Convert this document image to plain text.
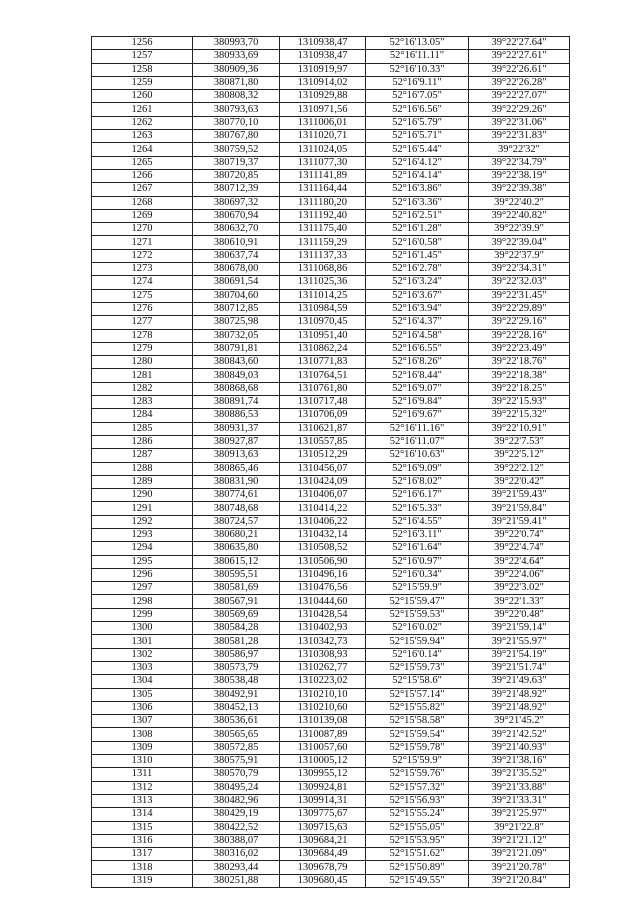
1256	380993,70	1310938,47	52°16'13.05"	39°22'27.64"
1257	380933,69	1310938,47	52°16'11.11"	39°22'27.61"
1258	380909,36	1310919,97	52°16'10.33"	39°22'26.61"
1259	380871,80	1310914,02	52°16'9.11"	39°22'26.28"
1260	380808,32	1310929,88	52°16'7.05"	39°22'27.07"
1261	380793,63	1310971,56	52°16'6.56"	39°22'29.26"
1262	380770,10	1311006,01	52°16'5.79"	39°22'31.06"
1263	380767,80	1311020,71	52°16'5.71"	39°22'31.83"
1264	380759,52	1311024,05	52°16'5.44"	39°22'32"
1265	380719,37	1311077,30	52°16'4.12"	39°22'34.79"
1266	380720,85	1311141,89	52°16'4.14"	39°22'38.19"
1267	380712,39	1311164,44	52°16'3.86"	39°22'39.38"
1268	380697,32	1311180,20	52°16'3.36"	39°22'40.2"
1269	380670,94	1311192,40	52°16'2.51"	39°22'40.82"
1270	380632,70	1311175,40	52°16'1.28"	39°22'39.9"
1271	380610,91	1311159,29	52°16'0.58"	39°22'39.04"
1272	380637,74	1311137,33	52°16'1.45"	39°22'37.9"
1273	380678,00	1311068,86	52°16'2.78"	39°22'34.31"
1274	380691,54	1311025,36	52°16'3.24"	39°22'32.03"
1275	380704,60	1311014,25	52°16'3.67"	39°22'31.45"
1276	380712,85	1310984,59	52°16'3.94"	39°22'29.89"
1277	380725,98	1310970,45	52°16'4.37"	39°22'29.16"
1278	380732,05	1310951,40	52°16'4.58"	39°22'28.16"
1279	380791,81	1310862,24	52°16'6.55"	39°22'23.49"
1280	380843,60	1310771,83	52°16'8.26"	39°22'18.76"
1281	380849,03	1310764,51	52°16'8.44"	39°22'18.38"
1282	380868,68	1310761,80	52°16'9.07"	39°22'18.25"
1283	380891,74	1310717,48	52°16'9.84"	39°22'15.93"
1284	380886,53	1310706,09	52°16'9.67"	39°22'15.32"
1285	380931,37	1310621,87	52°16'11.16"	39°22'10.91"
1286	380927,87	1310557,85	52°16'11.07"	39°22'7.53"
1287	380913,63	1310512,29	52°16'10.63"	39°22'5.12"
1288	380865,46	1310456,07	52°16'9.09"	39°22'2.12"
1289	380831,90	1310424,09	52°16'8.02"	39°22'0.42"
1290	380774,61	1310406,07	52°16'6.17"	39°21'59.43"
1291	380748,68	1310414,22	52°16'5.33"	39°21'59.84"
1292	380724,57	1310406,22	52°16'4.55"	39°21'59.41"
1293	380680,21	1310432,14	52°16'3.11"	39°22'0.74"
1294	380635,80	1310508,52	52°16'1.64"	39°22'4.74"
1295	380615,12	1310506,90	52°16'0.97"	39°22'4.64"
1296	380595,51	1310496,16	52°16'0.34"	39°22'4.06"
1297	380581,69	1310476,56	52°15'59.9"	39°22'3.02"
1298	380567,91	1310444,60	52°15'59.47"	39°22'1.33"
1299	380569,69	1310428,54	52°15'59.53"	39°22'0.48"
1300	380584,28	1310402,93	52°16'0.02"	39°21'59.14"
1301	380581,28	1310342,73	52°15'59.94"	39°21'55.97"
1302	380586,97	1310308,93	52°16'0.14"	39°21'54.19"
1303	380573,79	1310262,77	52°15'59.73"	39°21'51.74"
1304	380538,48	1310223,02	52°15'58.6"	39°21'49.63"
1305	380492,91	1310210,10	52°15'57.14"	39°21'48.92"
1306	380452,13	1310210,60	52°15'55.82"	39°21'48.92"
1307	380536,61	1310139,08	52°15'58.58"	39°21'45.2"
1308	380565,65	1310087,89	52°15'59.54"	39°21'42.52"
1309	380572,85	1310057,60	52°15'59.78"	39°21'40.93"
1310	380575,91	1310005,12	52°15'59.9"	39°21'38.16"
1311	380570,79	1309955,12	52°15'59.76"	39°21'35.52"
1312	380495,24	1309924,81	52°15'57.32"	39°21'33.88"
1313	380482,96	1309914,31	52°15'56.93"	39°21'33.31"
1314	380429,19	1309775,67	52°15'55.24"	39°21'25.97"
1315	380422,52	1309715,63	52°15'55.05"	39°21'22.8"
1316	380388,07	1309684,21	52°15'53.95"	39°21'21.12"
1317	380316,02	1309684,49	52°15'51.62"	39°21'21.09"
1318	380293,44	1309678,79	52°15'50.89"	39°21'20.78"
1319	380251,88	1309680,45	52°15'49.55"	39°21'20.84"
